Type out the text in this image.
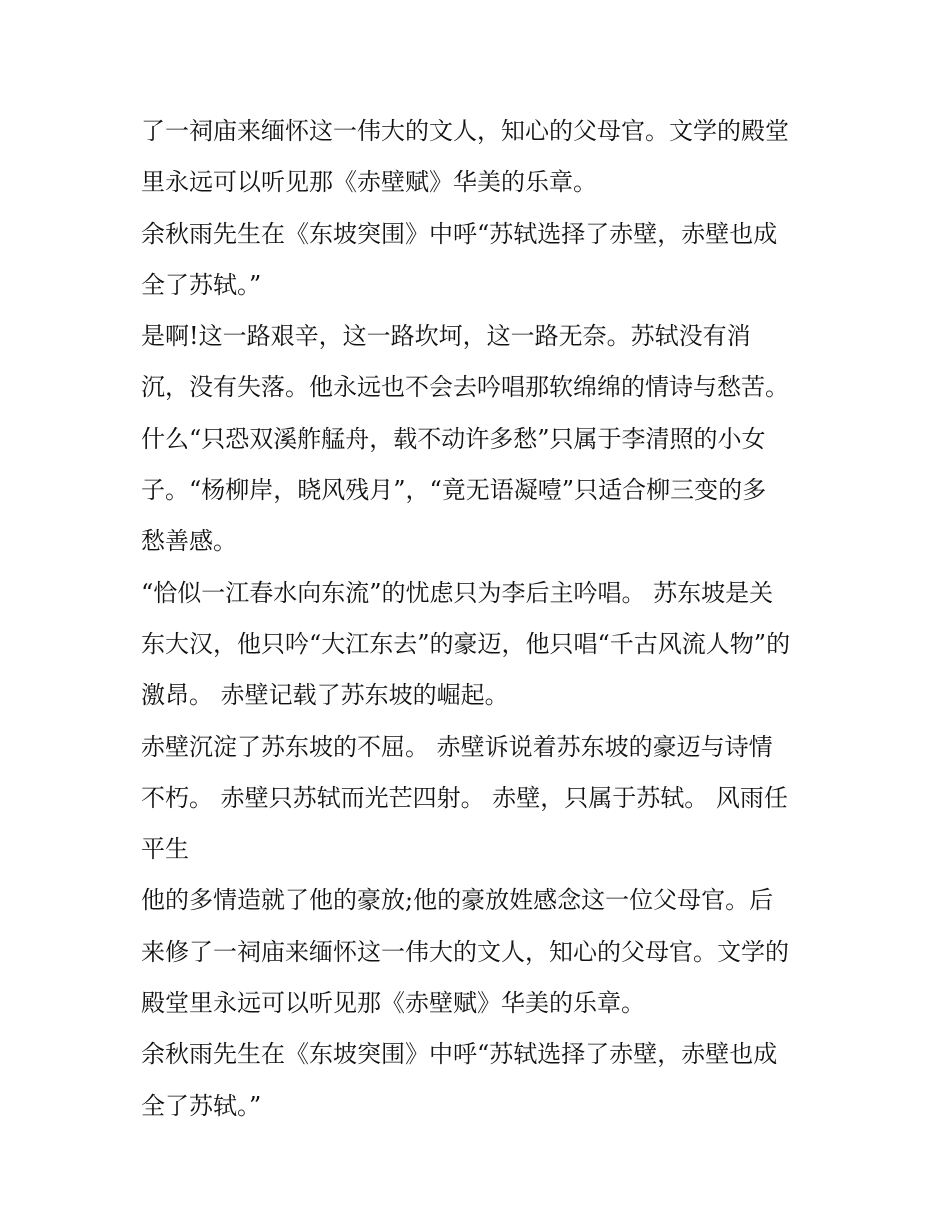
了一祠庙来缅怀这一伟大的文人，知心的父母官。文学的殿堂
里永远可以听见那《赤壁赋》华美的乐章。
余秋雨先生在《东坡突围》中呼“苏轼选择了赤壁，赤壁也成
全了苏轼。”
是啊!这一路艰辛，这一路坎坷，这一路无奈。苏轼没有消
沉，没有失落。他永远也不会去吟唱那软绵绵的情诗与愁苦。
什么“只恐双溪舴艋舟，载不动许多愁”只属于李清照的小女
子。“杨柳岸，晓风残月”，“竟无语凝噎”只适合柳三变的多
愁善感。
“恰似一江春水向东流”的忧虑只为李后主吟唱。 苏东坡是关
东大汉，他只吟“大江东去”的豪迈，他只唱“千古风流人物”的
激昂。 赤壁记载了苏东坡的崛起。
赤壁沉淀了苏东坡的不屈。 赤壁诉说着苏东坡的豪迈与诗情
不朽。 赤壁只苏轼而光芒四射。 赤壁，只属于苏轼。 风雨任
平生
他的多情造就了他的豪放;他的豪放姓感念这一位父母官。后
来修了一祠庙来缅怀这一伟大的文人，知心的父母官。文学的
殿堂里永远可以听见那《赤壁赋》华美的乐章。
余秋雨先生在《东坡突围》中呼“苏轼选择了赤壁，赤壁也成
全了苏轼。”
